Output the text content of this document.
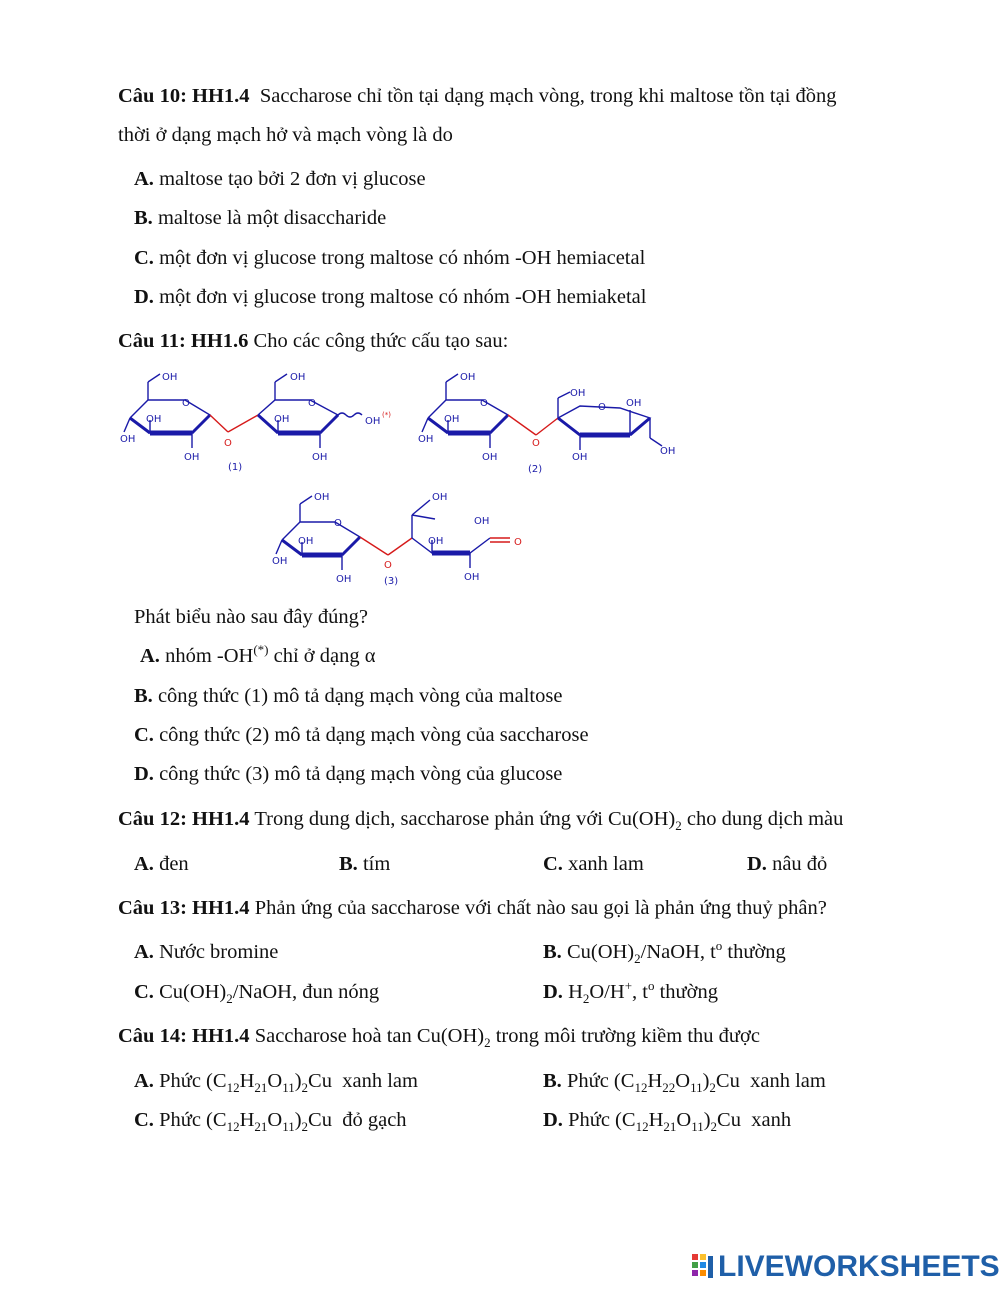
Câu 10: HH1.4 Saccharose chỉ tồn tại dạng mạch vòng, trong khi maltose tồn tại đồng
thời ở dạng mạch hở và mạch vòng là do
A. maltose tạo bởi 2 đơn vị glucose
B. maltose là một disaccharide
C. một đơn vị glucose trong maltose có nhóm -OH hemiacetal
D. một đơn vị glucose trong maltose có nhóm -OH hemiaketal
Câu 11: HH1.6 Cho các công thức cấu tạo sau:
OH
OH
OH
OH
O
O
OH
OH
OH
O
OH
(*)
(1)
OH
OH
OH
OH
O
O
OH
O OH
OH
OH
(2)
OH
OH
OH
OH
O
O
OH
OH
OH
OH
O
(3)
Phát biểu nào sau đây đúng?
A. nhóm -OH(*) chỉ ở dạng α
B. công thức (1) mô tả dạng mạch vòng của maltose
C. công thức (2) mô tả dạng mạch vòng của saccharose
D. công thức (3) mô tả dạng mạch vòng của glucose
Câu 12: HH1.4 Trong dung dịch, saccharose phản ứng với $Cu(OH)_2$ cho dung dịch màu
A. đen	B. tím	C. xanh lam	D. nâu đỏ
Câu 13: HH1.4 Phản ứng của saccharose với chất nào sau gọi là phản ứng thuỷ phân?
A. Nước bromine	B. $Cu(OH)_2$/NaOH, $t^o$ thường
C. $Cu(OH)_2$/NaOH, đun nóng	D. $H_2O/H^+$, $t^o$ thường
Câu 14: HH1.4 Saccharose hoà $\tan Cu(OH)_2$ trong môi trường kiềm thu được
A. Phức $(C_{12}H_{21}O_{11})_2Cu$ xanh lam	B. Phức $(C_{12}H_{22}O_{11})_2Cu$ xanh lam
C. Phức $(C_{12}H_{21}O_{11})_2Cu$ đỏ gạch	D. Phức $(C_{12}H_{21}O_{11})_2Cu$ xanh
LIVEWORKSHEETS
